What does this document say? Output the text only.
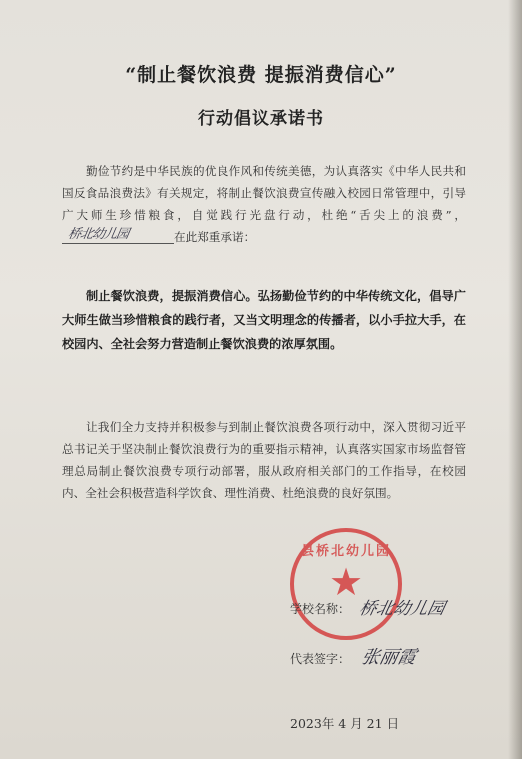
“制止餐饮浪费 提振消费信心”
行动倡议承诺书
勤俭节约是中华民族的优良作风和传统美德，为认真落实《中华人民共和国反食品浪费法》有关规定，将制止餐饮浪费宣传融入校园日常管理中，引导广大师生珍惜粮食，自觉践行光盘行动，杜绝“舌尖上的浪费”，
桥北幼儿园	在此郑重承诺：
制止餐饮浪费，提振消费信心。弘扬勤俭节约的中华传统文化，倡导广大师生做当珍惜粮食的践行者，又当文明理念的传播者，以小手拉大手，在校园内、全社会努力营造制止餐饮浪费的浓厚氛围。
让我们全力支持并积极参与到制止餐饮浪费各项行动中，深入贯彻习近平总书记关于坚决制止餐饮浪费行为的重要指示精神，认真落实国家市场监督管理总局制止餐饮浪费专项行动部署，服从政府相关部门的工作指导，在校园内、全社会积极营造科学饮食、理性消费、杜绝浪费的良好氛围。
县桥北幼儿园
★
学校名称： 桥北幼儿园
代表签字： 张丽霞
2023年 4 月 21 日
